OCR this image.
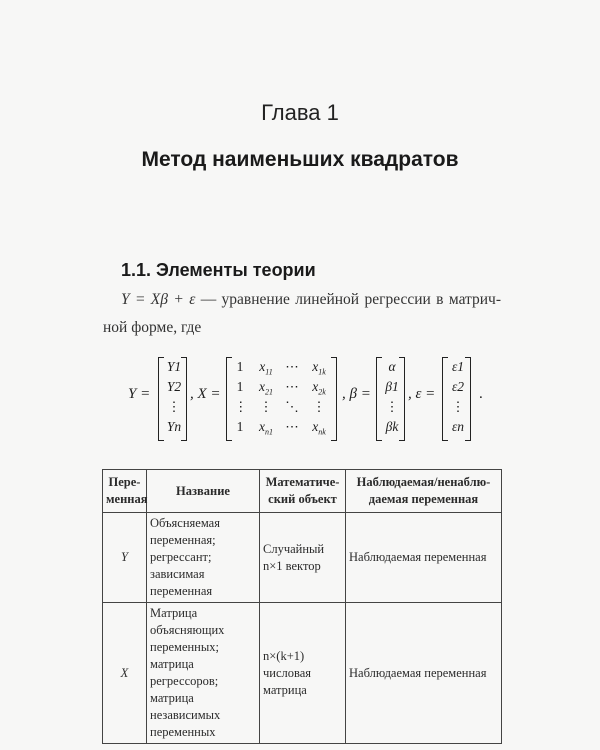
Глава 1
Метод наименьших квадратов
1.1. Элементы теории
Y = Xβ + ε — уравнение линейной регрессии в матрич-
ной форме, где
Y =
Y1
Y2
⋮
Yn
, X =
1	$x_{11}$ ⋯ $x_{1k}$
1	$x_{21}$ ⋯ $x_{2k}$
⋮ ⋮ ⋱	⋮
1	$x_{n1}$ ⋯ $x_{nk}$
, β =
α
β1
⋮
βk
, ε =
ε1
ε2
⋮
εn
.
Пере-менная	Название	Математиче-ский объект	Наблюдаемая/ненаблю-даемая переменная
Y	Объясняемая переменная; регрессант; зависимая переменная	Случайный n×1 вектор	Наблюдаемая переменная
X	Матрица объясняющих переменных; матрица регрессоров; матрица независимых переменных	n×(k+1) числовая матрица	Наблюдаемая переменная
